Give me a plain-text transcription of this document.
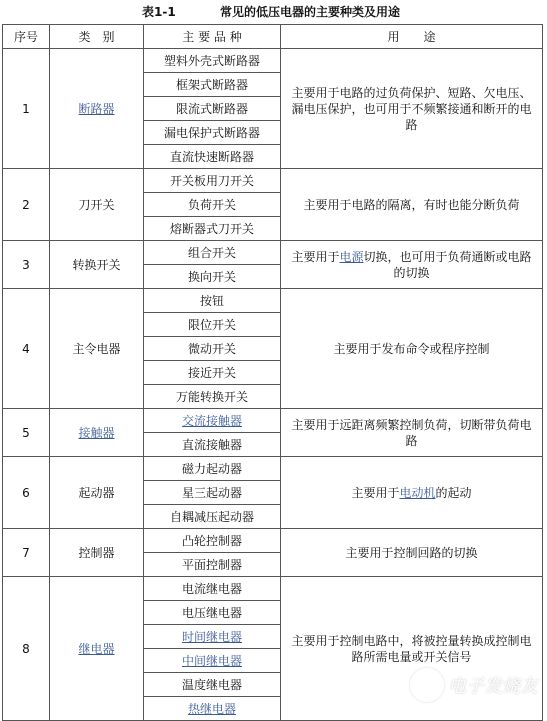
表1-1	常见的低压电器的主要种类及用途
序号	类　别	主 要 品 种	用　　途
1	断路器	塑料外壳式断路器	主要用于电路的过负荷保护、短路、欠电压、漏电压保护，也可用于不频繁接通和断开的电路
		框架式断路器	
		限流式断路器	
		漏电保护式断路器	
		直流快速断路器	
2	刀开关	开关板用刀开关	主要用于电路的隔离，有时也能分断负荷
		负荷开关	
		熔断器式刀开关	
3	转换开关	组合开关	主要用于电源切换，也可用于负荷通断或电路的切换
		换向开关	
4	主令电器	按钮	主要用于发布命令或程序控制
		限位开关	
		微动开关	
		接近开关	
		万能转换开关	
5	接触器	交流接触器	主要用于远距离频繁控制负荷，切断带负荷电路
		直流接触器	
6	起动器	磁力起动器	主要用于电动机的起动
		星三起动器	
		自耦减压起动器	
7	控制器	凸轮控制器	主要用于控制回路的切换
		平面控制器	
8	继电器	电流继电器	主要用于控制电路中，将被控量转换成控制电路所需电量或开关信号
		电压继电器	
		时间继电器	
		中间继电器	
		温度继电器	
		热继电器	
电子发烧友
